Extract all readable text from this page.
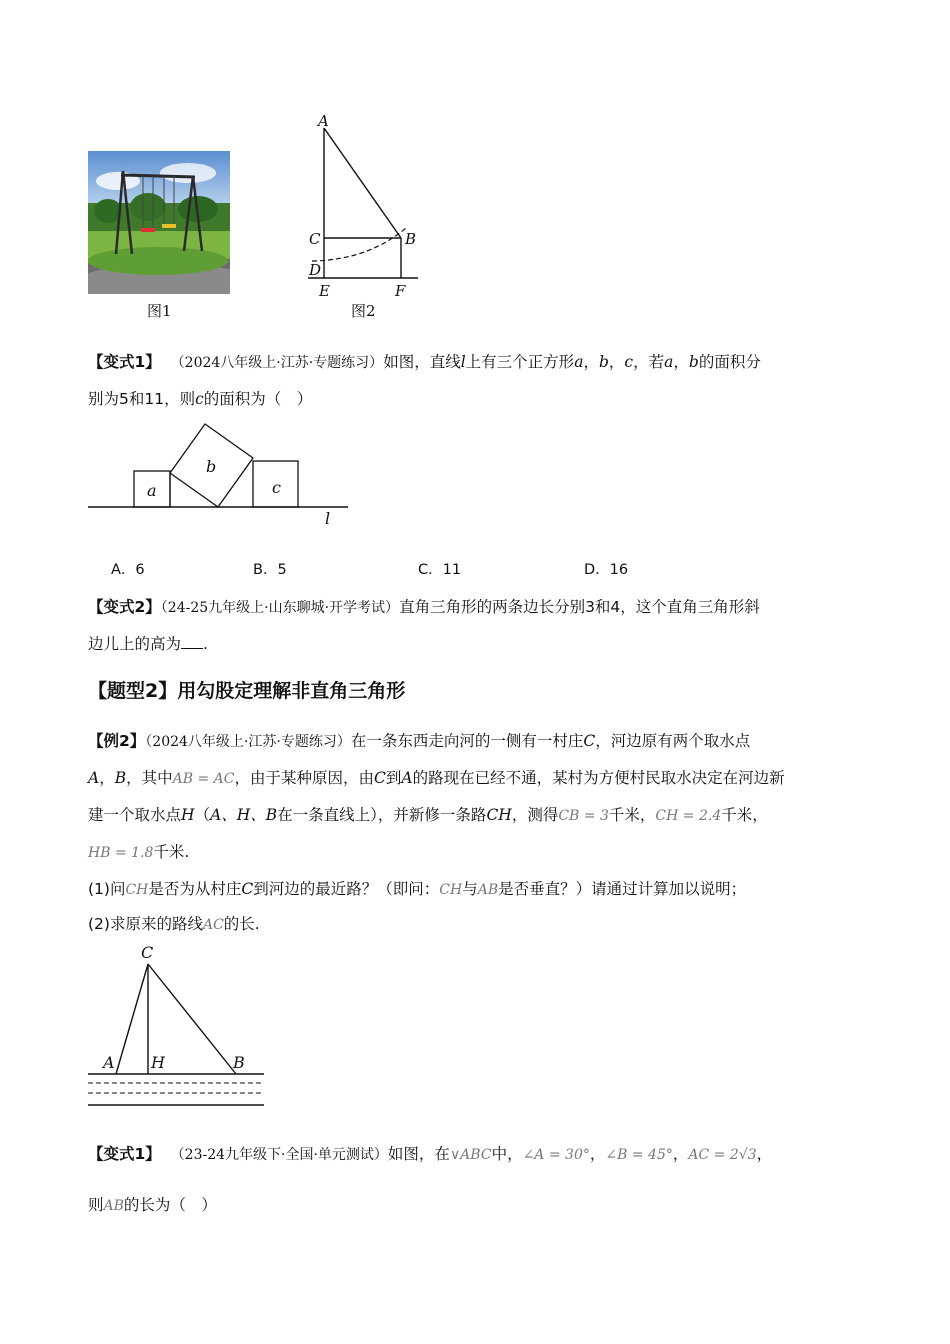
图1
A
C	B
D
E	F
图2
【变式1】 （2024八年级上·江苏·专题练习）如图，直线l上有三个正方形a，b，c，若a，b的面积分
别为5和11，则c的面积为（　）
a
b
c
l
A．6	B．5	C．11	D．16
【变式2】（24-25九年级上·山东聊城·开学考试）直角三角形的两条边长分别3和4，这个直角三角形斜
边儿上的高为 .
【题型2】用勾股定理解非直角三角形
【例2】（2024八年级上·江苏·专题练习）在一条东西走向河的一侧有一村庄C，河边原有两个取水点
A，B，其中AB = AC，由于某种原因，由C到A的路现在已经不通，某村为方便村民取水决定在河边新
建一个取水点H（A、H、B在一条直线上），并新修一条路CH，测得CB = 3千米，CH = 2.4千米，
HB = 1.8千米.
(1)问CH是否为从村庄C到河边的最近路？（即问：CH与AB是否垂直？）请通过计算加以说明；
(2)求原来的路线AC的长.
C
A H	B
【变式1】 （23-24九年级下·全国·单元测试）如图，在∨ABC中，∠A = 30°，∠B = 45°，AC = 2√3，
则AB的长为（　）
